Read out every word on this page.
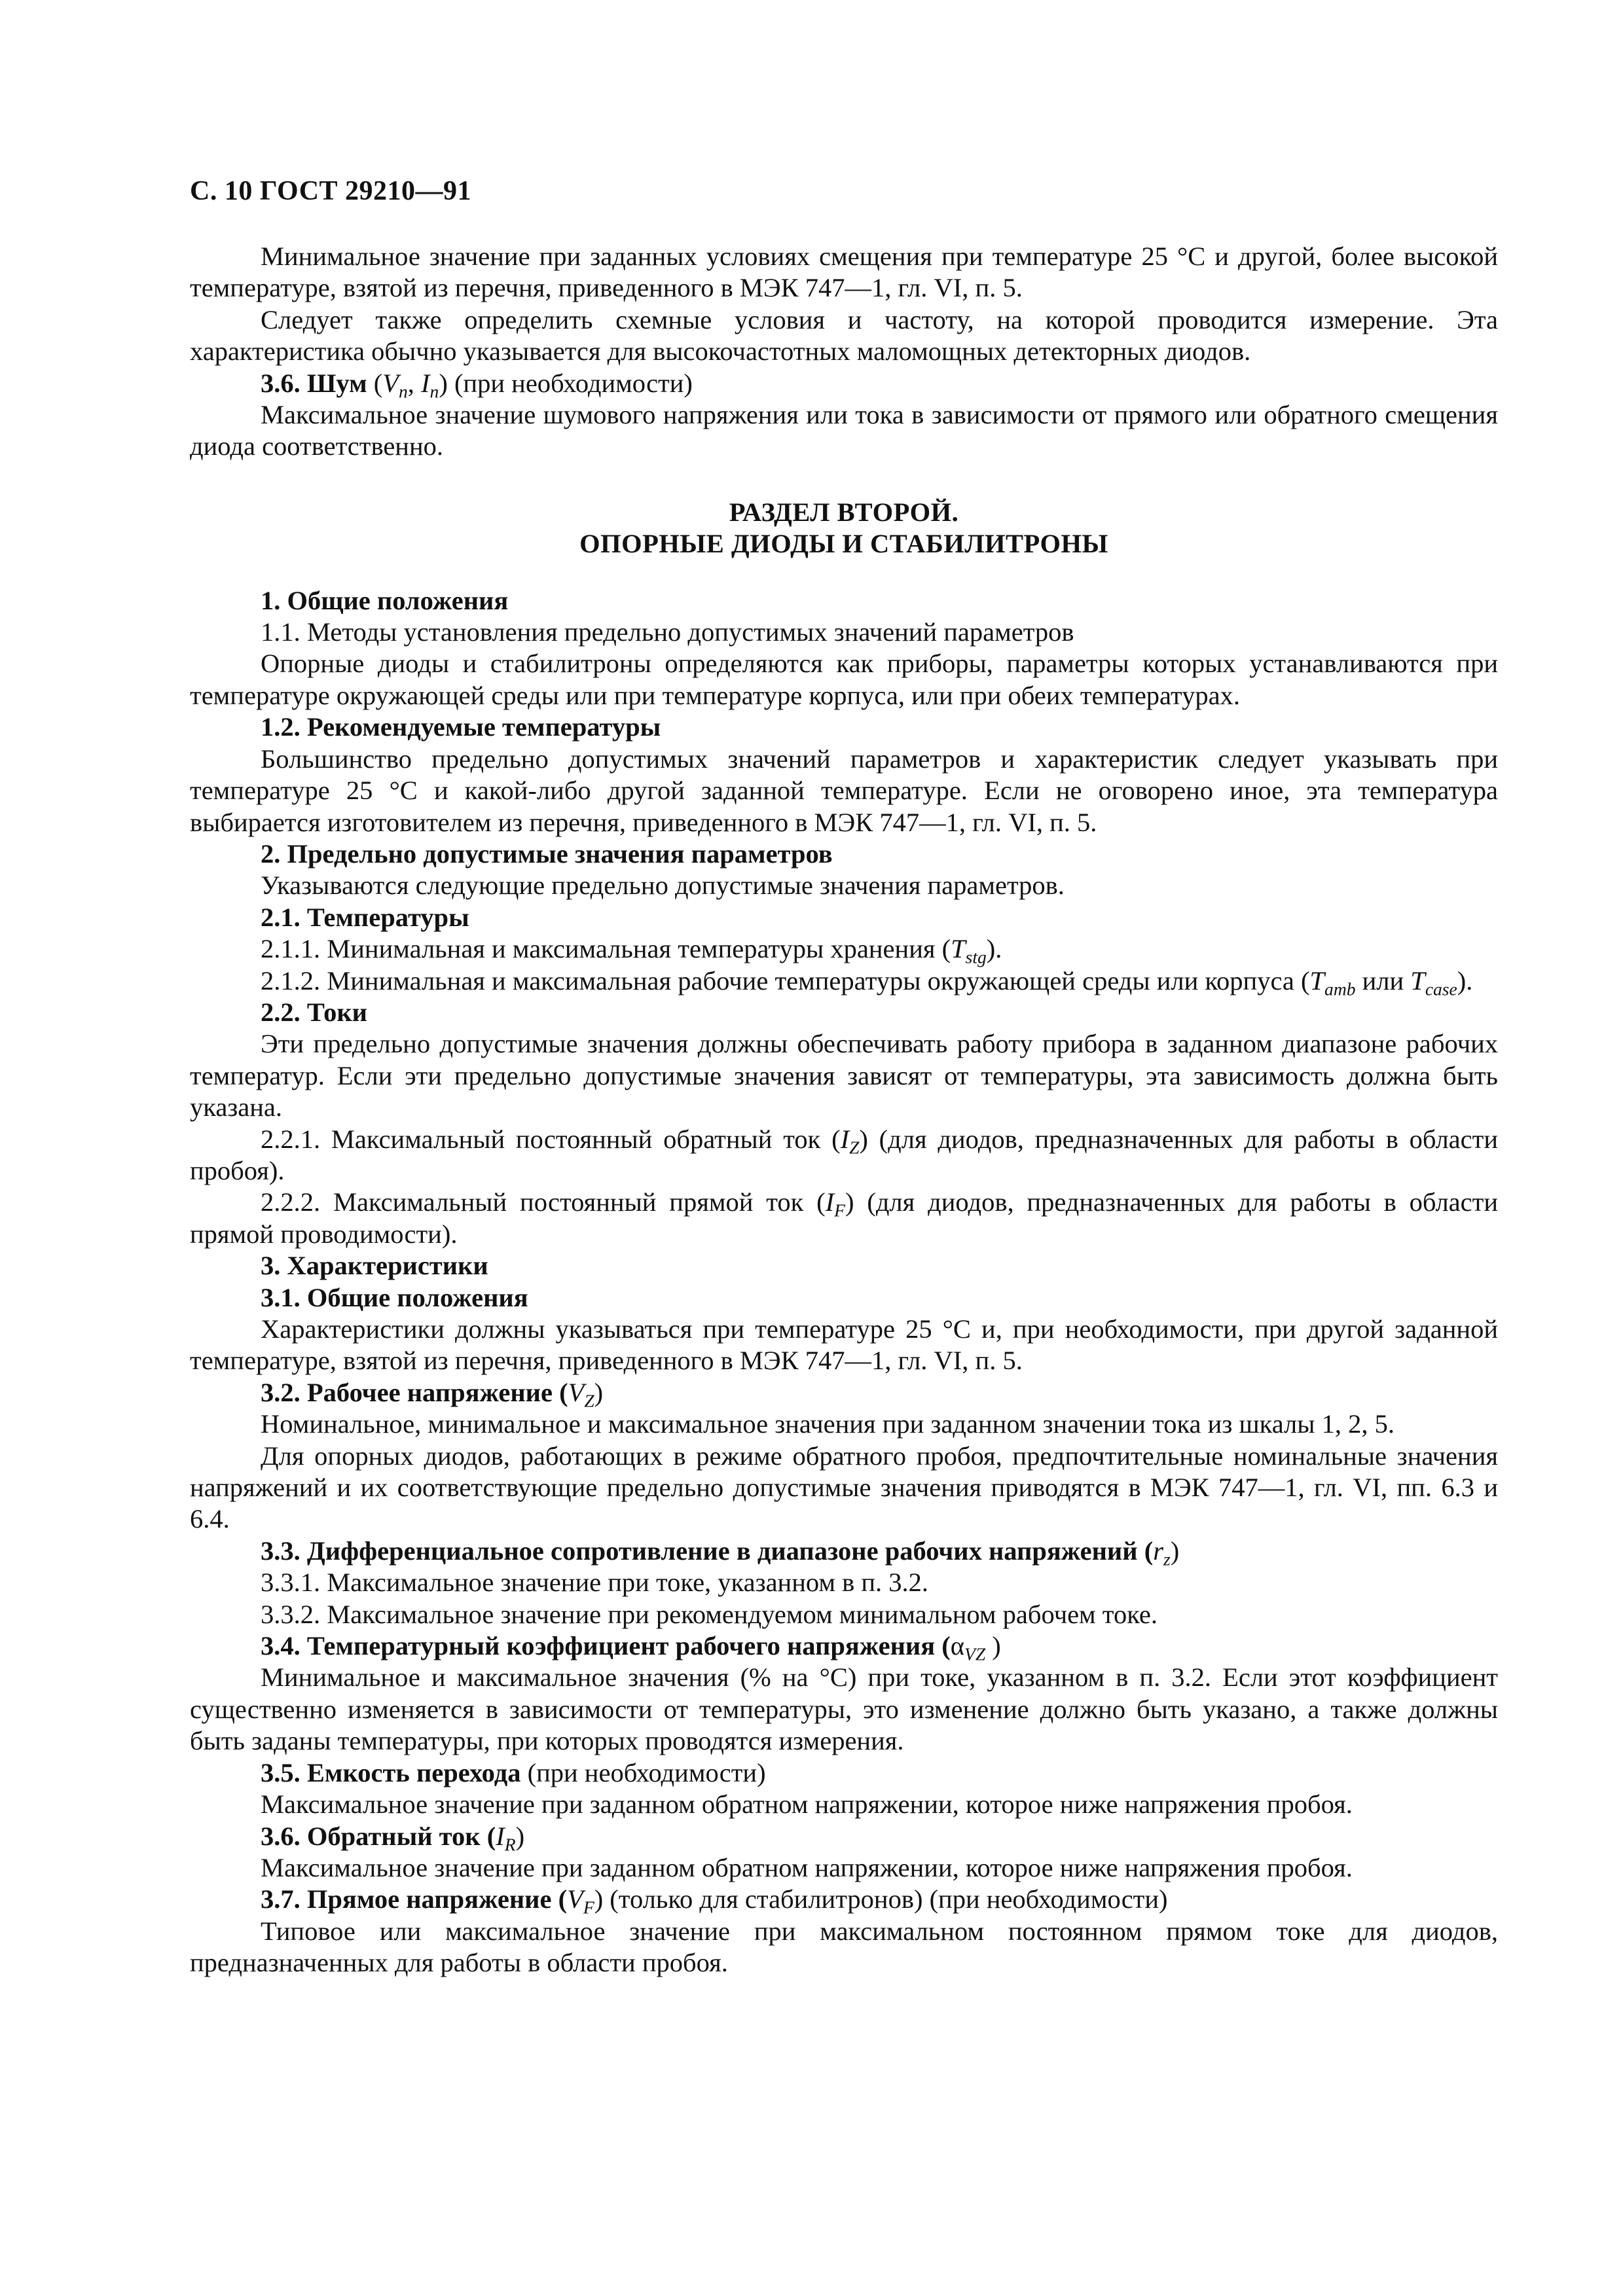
С. 10 ГОСТ 29210—91

Минимальное значение при заданных условиях смещения при температуре 25 °С и другой, более высокой температуре, взятой из перечня, приведенного в МЭК 747—1, гл. VI, п. 5.

Следует также определить схемные условия и частоту, на которой проводится измерение. Эта характеристика обычно указывается для высокочастотных маломощных детекторных диодов.

3.6. Шум ($V_n$, $I_n$) (при необходимости)

Максимальное значение шумового напряжения или тока в зависимости от прямого или обратного смещения диода соответственно.

РАЗДЕЛ ВТОРОЙ.

ОПОРНЫЕ ДИОДЫ И СТАБИЛИТРОНЫ

1. Общие положения

1.1. Методы установления предельно допустимых значений параметров

Опорные диоды и стабилитроны определяются как приборы, параметры которых устанавливаются при температуре окружающей среды или при температуре корпуса, или при обеих температурах.

1.2. Рекомендуемые температуры

Большинство предельно допустимых значений параметров и характеристик следует указывать при температуре 25 °С и какой-либо другой заданной температуре. Если не оговорено иное, эта температура выбирается изготовителем из перечня, приведенного в МЭК 747—1, гл. VI, п. 5.

2. Предельно допустимые значения параметров

Указываются следующие предельно допустимые значения параметров.

2.1. Температуры

2.1.1. Минимальная и максимальная температуры хранения $(T_{stg})$.

2.1.2. Минимальная и максимальная рабочие температуры окружающей среды или корпуса ($T_{amb}$ или $T_{case}$).

2.2. Токи

Эти предельно допустимые значения должны обеспечивать работу прибора в заданном диапазоне рабочих температур. Если эти предельно допустимые значения зависят от температуры, эта зависимость должна быть указана.

2.2.1. Максимальный постоянный обратный ток $(I_Z)$ (для диодов, предназначенных для работы в области пробоя).

2.2.2. Максимальный постоянный прямой ток $(I_F)$ (для диодов, предназначенных для работы в области прямой проводимости).

3. Характеристики

3.1. Общие положения

Характеристики должны указываться при температуре 25 °С и, при необходимости, при другой заданной температуре, взятой из перечня, приведенного в МЭК 747—1, гл. VI, п. 5.

3.2. Рабочее напряжение $(V_Z)$

Номинальное, минимальное и максимальное значения при заданном значении тока из шкалы 1, 2, 5.

Для опорных диодов, работающих в режиме обратного пробоя, предпочтительные номинальные значения напряжений и их соответствующие предельно допустимые значения приводятся в МЭК 747—1, гл. VI, пп. 6.3 и 6.4.

3.3. Дифференциальное сопротивление в диапазоне рабочих напряжений $(r_z)$

3.3.1. Максимальное значение при токе, указанном в п. 3.2.

3.3.2. Максимальное значение при рекомендуемом минимальном рабочем токе.

3.4. Температурный коэффициент рабочего напряжения ($\alpha_{VZ}$ )

Минимальное и максимальное значения (% на °С) при токе, указанном в п. 3.2. Если этот коэффициент существенно изменяется в зависимости от температуры, это изменение должно быть указано, а также должны быть заданы температуры, при которых проводятся измерения.

3.5. Емкость перехода (при необходимости)

Максимальное значение при заданном обратном напряжении, которое ниже напряжения пробоя.

3.6. Обратный ток $(I_R)$

Максимальное значение при заданном обратном напряжении, которое ниже напряжения пробоя.

3.7. Прямое напряжение $(V_F)$ (только для стабилитронов) (при необходимости)

Типовое или максимальное значение при максимальном постоянном прямом токе для диодов, предназначенных для работы в области пробоя.
